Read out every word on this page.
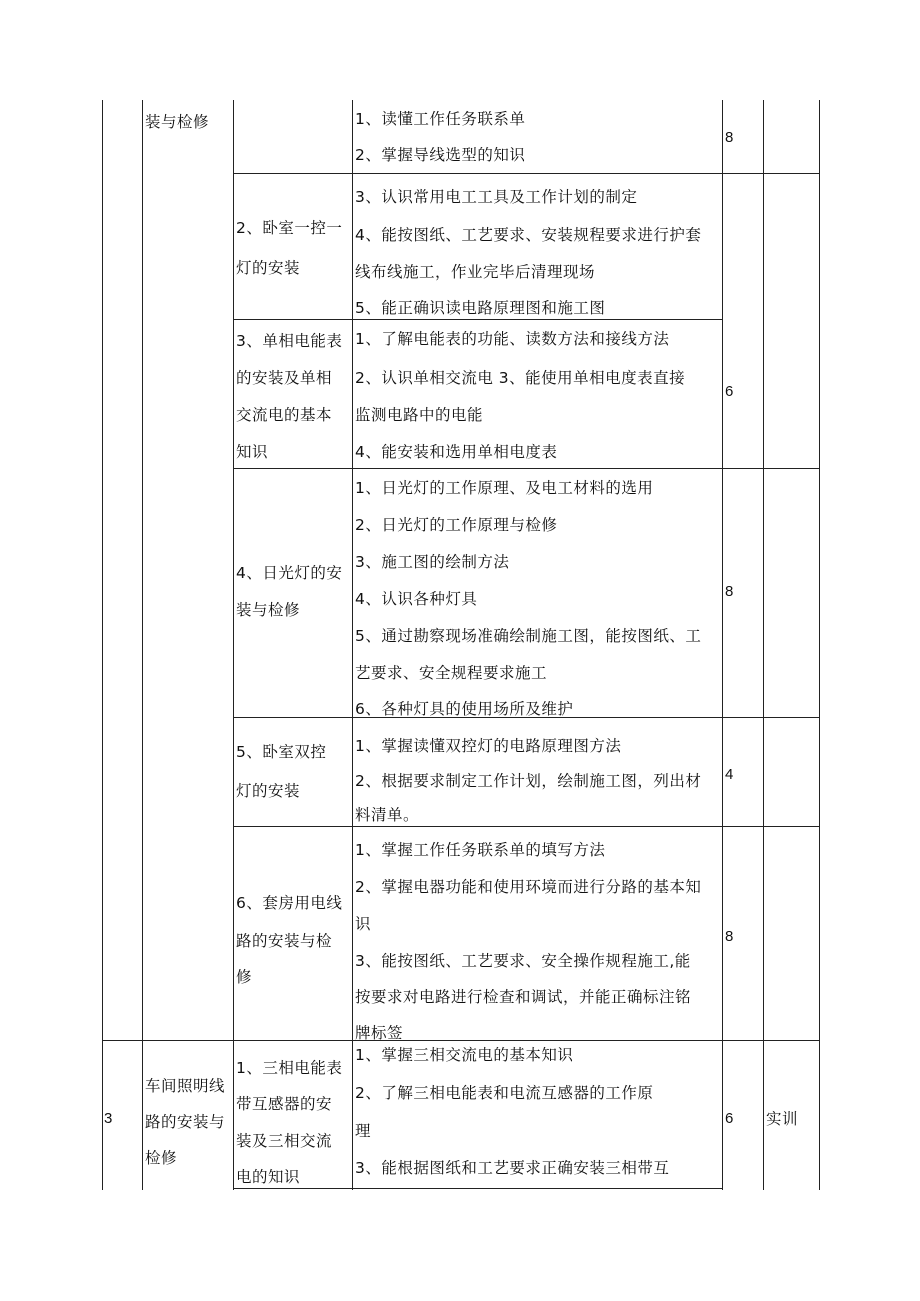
装与检修	1、读懂工作任务联系单
2、掌握导线选型的知识
8
2、卧室一控一
灯的安装
3、认识常用电工工具及工作计划的制定
4、能按图纸、工艺要求、安装规程要求进行护套
线布线施工，作业完毕后清理现场
5、能正确识读电路原理图和施工图
3、单相电能表
的安装及单相
交流电的基本
知识
1、了解电能表的功能、读数方法和接线方法
2、认识单相交流电 3、能使用单相电度表直接
监测电路中的电能
4、能安装和选用单相电度表
6
4、日光灯的安
装与检修
1、日光灯的工作原理、及电工材料的选用
2、日光灯的工作原理与检修
3、施工图的绘制方法
4、认识各种灯具
5、通过勘察现场准确绘制施工图，能按图纸、工
艺要求、安全规程要求施工
6、各种灯具的使用场所及维护
8
5、卧室双控
灯的安装
1、掌握读懂双控灯的电路原理图方法
2、根据要求制定工作计划，绘制施工图，列出材
料清单。
4
6、套房用电线
路的安装与检
修
1、掌握工作任务联系单的填写方法
2、掌握电器功能和使用环境而进行分路的基本知
识
3、能按图纸、工艺要求、安全操作规程施工,能
按要求对电路进行检查和调试，并能正确标注铭
牌标签
8
3
车间照明线
路的安装与
检修
1、三相电能表
带互感器的安
装及三相交流
电的知识
1、掌握三相交流电的基本知识
2、了解三相电能表和电流互感器的工作原
理
3、能根据图纸和工艺要求正确安装三相带互
6 实训
